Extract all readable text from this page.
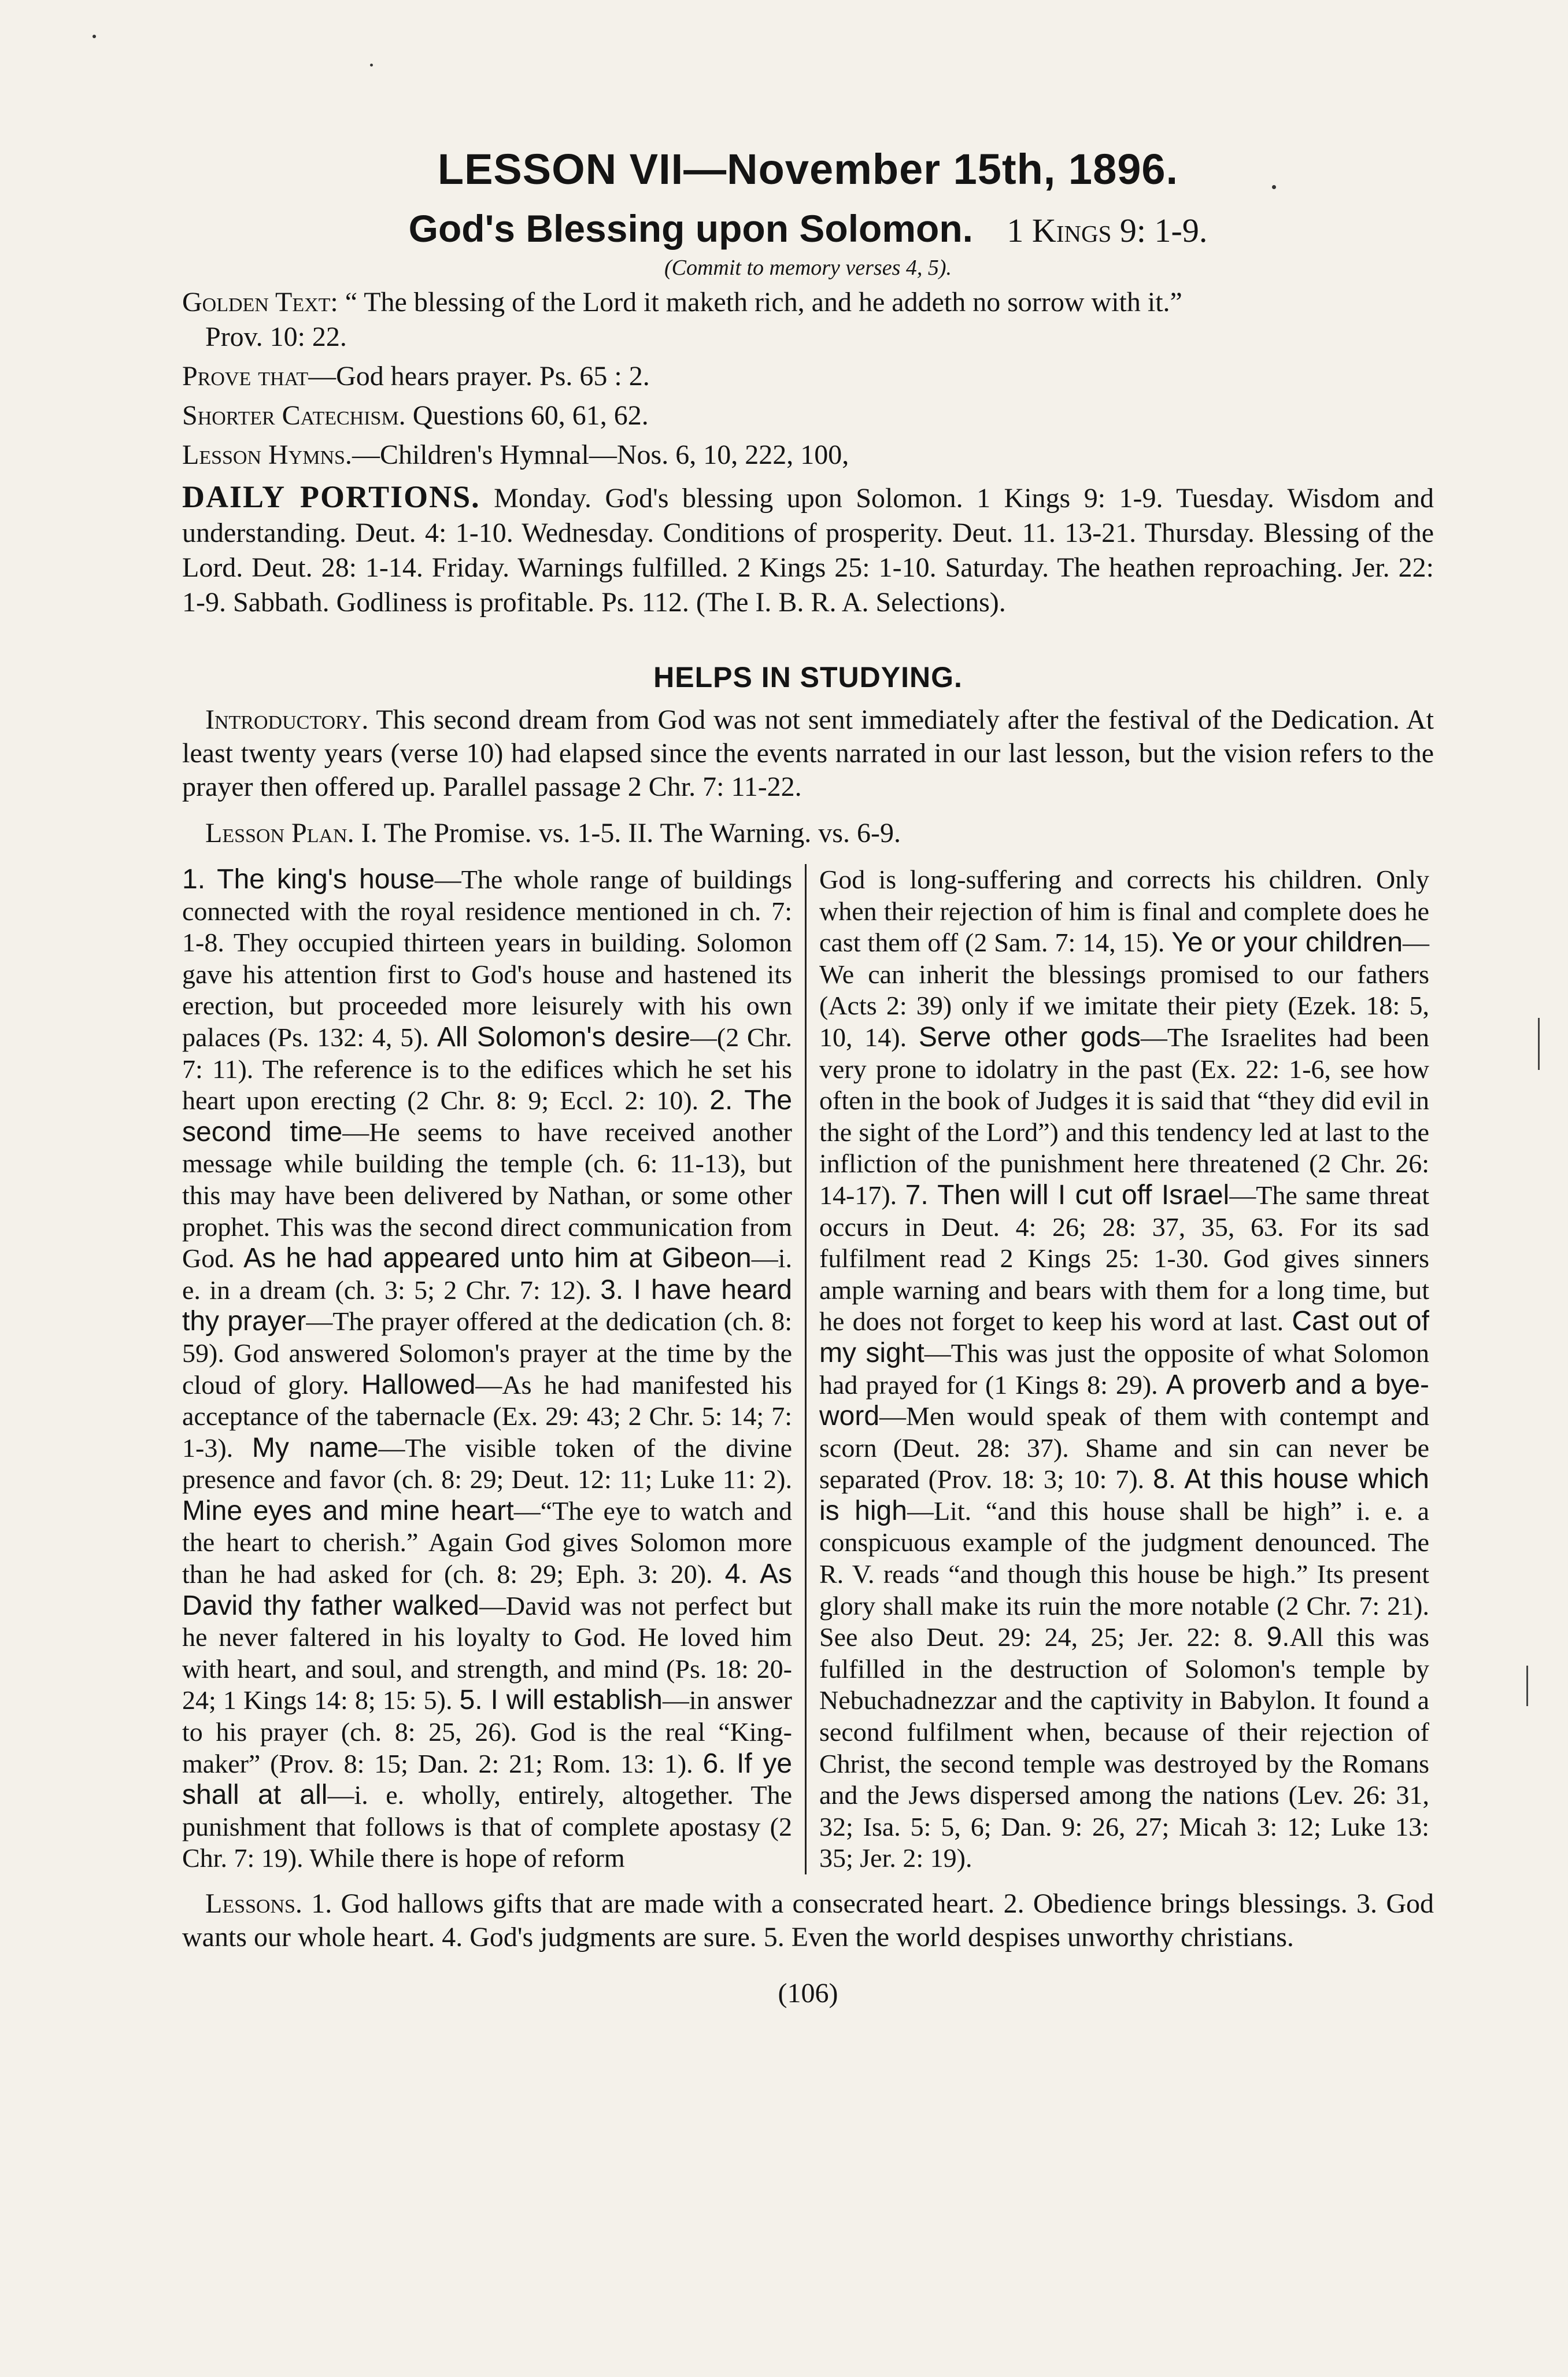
LESSON VII—November 15th, 1896.
God's Blessing upon Solomon. 1 Kings 9: 1-9.
(Commit to memory verses 4, 5).
Golden Text: “ The blessing of the Lord it maketh rich, and he addeth no sorrow with it.”
Prov. 10: 22.
Prove that—God hears prayer. Ps. 65 : 2.
Shorter Catechism. Questions 60, 61, 62.
Lesson Hymns.—Children's Hymnal—Nos. 6, 10, 222, 100,
DAILY PORTIONS. Monday. God's blessing upon Solomon. 1 Kings 9: 1-9. Tuesday. Wisdom and understanding. Deut. 4: 1-10. Wednesday. Conditions of prosperity. Deut. 11. 13-21. Thursday. Blessing of the Lord. Deut. 28: 1-14. Friday. Warnings fulfilled. 2 Kings 25: 1-10. Saturday. The heathen reproaching. Jer. 22: 1-9. Sabbath. Godliness is profitable. Ps. 112. (The I. B. R. A. Selections).
HELPS IN STUDYING.
Introductory. This second dream from God was not sent immediately after the festival of the Dedication. At least twenty years (verse 10) had elapsed since the events narrated in our last lesson, but the vision refers to the prayer then offered up. Parallel passage 2 Chr. 7: 11-22.
Lesson Plan. I. The Promise. vs. 1-5. II. The Warning. vs. 6-9.
1. The king's house—The whole range of buildings connected with the royal residence mentioned in ch. 7: 1-8. They occupied thirteen years in building. Solomon gave his attention first to God's house and hastened its erection, but proceeded more leisurely with his own palaces (Ps. 132: 4, 5). All Solomon's desire—(2 Chr. 7: 11). The reference is to the edifices which he set his heart upon erecting (2 Chr. 8: 9; Eccl. 2: 10). 2. The second time—He seems to have received another message while building the temple (ch. 6: 11-13), but this may have been delivered by Nathan, or some other prophet. This was the second direct communication from God. As he had appeared unto him at Gibeon—i. e. in a dream (ch. 3: 5; 2 Chr. 7: 12). 3. I have heard thy prayer—The prayer offered at the dedication (ch. 8: 59). God answered Solomon's prayer at the time by the cloud of glory. Hallowed—As he had manifested his acceptance of the tabernacle (Ex. 29: 43; 2 Chr. 5: 14; 7: 1-3). My name—The visible token of the divine presence and favor (ch. 8: 29; Deut. 12: 11; Luke 11: 2). Mine eyes and mine heart—“The eye to watch and the heart to cherish.” Again God gives Solomon more than he had asked for (ch. 8: 29; Eph. 3: 20). 4. As David thy father walked—David was not perfect but he never faltered in his loyalty to God. He loved him with heart, and soul, and strength, and mind (Ps. 18: 20-24; 1 Kings 14: 8; 15: 5). 5. I will establish—in answer to his prayer (ch. 8: 25, 26). God is the real “King-maker” (Prov. 8: 15; Dan. 2: 21; Rom. 13: 1). 6. If ye shall at all—i. e. wholly, entirely, altogether. The punishment that follows is that of complete apostasy (2 Chr. 7: 19). While there is hope of reform
God is long-suffering and corrects his children. Only when their rejection of him is final and complete does he cast them off (2 Sam. 7: 14, 15). Ye or your children—We can inherit the blessings promised to our fathers (Acts 2: 39) only if we imitate their piety (Ezek. 18: 5, 10, 14). Serve other gods—The Israelites had been very prone to idolatry in the past (Ex. 22: 1-6, see how often in the book of Judges it is said that “they did evil in the sight of the Lord”) and this tendency led at last to the infliction of the punishment here threatened (2 Chr. 26: 14-17). 7. Then will I cut off Israel—The same threat occurs in Deut. 4: 26; 28: 37, 35, 63. For its sad fulfilment read 2 Kings 25: 1-30. God gives sinners ample warning and bears with them for a long time, but he does not forget to keep his word at last. Cast out of my sight—This was just the opposite of what Solomon had prayed for (1 Kings 8: 29). A proverb and a bye-word—Men would speak of them with contempt and scorn (Deut. 28: 37). Shame and sin can never be separated (Prov. 18: 3; 10: 7). 8. At this house which is high—Lit. “and this house shall be high” i. e. a conspicuous example of the judgment denounced. The R. V. reads “and though this house be high.” Its present glory shall make its ruin the more notable (2 Chr. 7: 21). See also Deut. 29: 24, 25; Jer. 22: 8. 9.All this was fulfilled in the destruction of Solomon's temple by Nebuchadnezzar and the captivity in Babylon. It found a second fulfilment when, because of their rejection of Christ, the second temple was destroyed by the Romans and the Jews dispersed among the nations (Lev. 26: 31, 32; Isa. 5: 5, 6; Dan. 9: 26, 27; Micah 3: 12; Luke 13: 35; Jer. 2: 19).
Lessons. 1. God hallows gifts that are made with a consecrated heart. 2. Obedience brings blessings. 3. God wants our whole heart. 4. God's judgments are sure. 5. Even the world despises unworthy christians.
(106)
